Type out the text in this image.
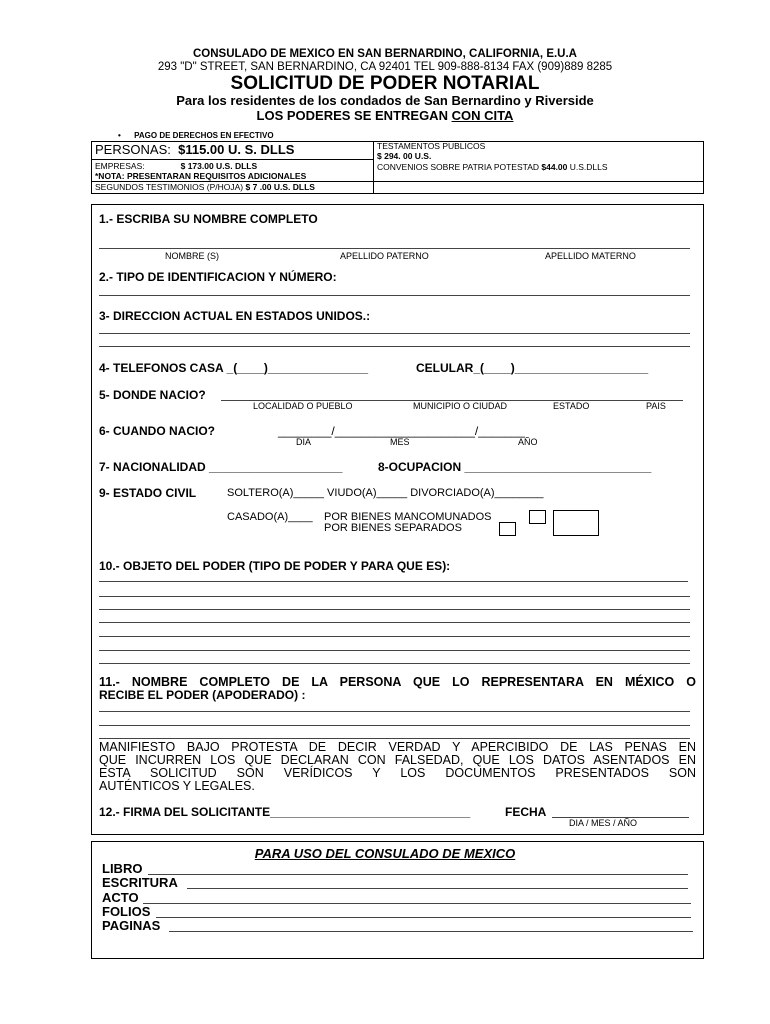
CONSULADO DE MEXICO EN SAN BERNARDINO, CALIFORNIA, E.U.A
293 "D" STREET, SAN BERNARDINO, CA 92401 TEL 909-888-8134 FAX (909)889 8285
SOLICITUD DE PODER NOTARIAL
Para los residentes de los condados de San Bernardino y Riverside
LOS PODERES SE ENTREGAN CON CITA
•      PAGO DE DERECHOS EN EFECTIVO
PERSONAS: $115.00 U. S. DLLS
EMPRESAS:	$ 173.00 U.S. DLLS
*NOTA: PRESENTARAN REQUISITOS ADICIONALES
SEGUNDOS TESTIMONIOS (P/HOJA) $ 7 .00 U.S. DLLS
TESTAMENTOS PUBLICOS
$ 294. 00 U.S.
CONVENIOS SOBRE PATRIA POTESTAD $44.00 U.S.DLLS
1.- ESCRIBA SU NOMBRE COMPLETO
NOMBRE (S)	APELLIDO PATERNO	APELLIDO MATERNO
2.- TIPO DE IDENTIFICACION Y NÚMERO:
3- DIRECCION ACTUAL EN ESTADOS UNIDOS.:
4- TELEFONOS CASA _(____)_______________	CELULAR_(____)____________________
5- DONDE NACIO?
LOCALIDAD O PUEBLO	MUNICIPIO O CIUDAD	ESTADO	PAIS
6- CUANDO NACIO?	________/_____________________/_______
DIA	MES	AÑO
7- NACIONALIDAD ____________________	8-OCUPACION ____________________________
9- ESTADO CIVIL	SOLTERO(A)_____ VIUDO(A)_____ DIVORCIADO(A)________
CASADO(A)____ POR BIENES MANCOMUNADOS
POR BIENES SEPARADOS
10.- OBJETO DEL PODER (TIPO DE PODER Y PARA QUE ES):
11.- NOMBRE COMPLETO DE LA PERSONA QUE LO REPRESENTARA EN MÉXICO O
RECIBE EL PODER (APODERADO) :
MANIFIESTO BAJO PROTESTA DE DECIR VERDAD Y APERCIBIDO DE LAS PENAS EN
QUE INCURREN LOS QUE DECLARAN CON FALSEDAD, QUE LOS DATOS ASENTADOS EN
ESTA SOLICITUD SON VERÍDICOS Y LOS DOCUMENTOS PRESENTADOS SON
AUTÉNTICOS Y LEGALES.
12.- FIRMA DEL SOLICITANTE______________________________	FECHA
DIA / MES / AÑO
PARA USO DEL CONSULADO DE MEXICO
LIBRO
ESCRITURA
ACTO
FOLIOS
PAGINAS
